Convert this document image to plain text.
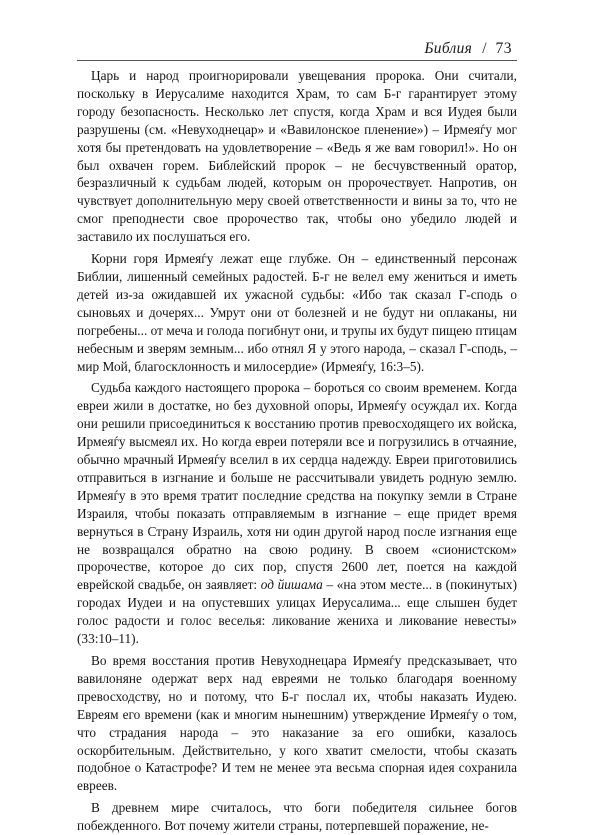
Библия / 73

Царь и народ проигнорировали увещевания пророка. Они считали, поскольку в Иерусалиме находится Храм, то сам Б-г гарантирует этому городу безопасность. Несколько лет спустя, когда Храм и вся Иудея были разрушены (см. «Невуходнецар» и «Вавилонское пленение») – Ирмеяѓу мог хотя бы претендовать на удовлетворение – «Ведь я же вам говорил!». Но он был охвачен горем. Библейский пророк – не бесчувственный оратор, безразличный к судьбам людей, которым он пророчествует. Напротив, он чувствует дополнительную меру своей ответственности и вины за то, что не смог преподнести свое пророчество так, чтобы оно убедило людей и заставило их послушаться его.

Корни горя Ирмеяѓу лежат еще глубже. Он – единственный персонаж Библии, лишенный семейных радостей. Б-г не велел ему жениться и иметь детей из-за ожидавшей их ужасной судьбы: «Ибо так сказал Г-сподь о сыновьях и дочерях... Умрут они от болезней и не будут ни оплаканы, ни погребены... от меча и голода погибнут они, и трупы их будут пищею птицам небесным и зверям земным... ибо отнял Я у этого народа, – сказал Г-сподь, – мир Мой, благосклонность и милосердие» (Ирмеяѓу, 16:3–5).

Судьба каждого настоящего пророка – бороться со своим временем. Когда евреи жили в достатке, но без духовной опоры, Ирмеяѓу осуждал их. Когда они решили присоединиться к восстанию против превосходящего их войска, Ирмеяѓу высмеял их. Но когда евреи потеряли все и погрузились в отчаяние, обычно мрачный Ирмеяѓу вселил в их сердца надежду. Евреи приготовились отправиться в изгнание и больше не рассчитывали увидеть родную землю. Ирмеяѓу в это время тратит последние средства на покупку земли в Стране Израиля, чтобы показать отправляемым в изгнание – еще придет время вернуться в Страну Израиль, хотя ни один другой народ после изгнания еще не возвращался обратно на свою родину. В своем «сионистском» пророчестве, которое до сих пор, спустя 2600 лет, поется на каждой еврейской свадьбе, он заявляет: од йишама – «на этом месте... в (покинутых) городах Иудеи и на опустевших улицах Иерусалима... еще слышен будет голос радости и голос веселья: ликование жениха и ликование невесты» (33:10–11).

Во время восстания против Невуходнецара Ирмеяѓу предсказывает, что вавилоняне одержат верх над евреями не только благодаря военному превосходству, но и потому, что Б-г послал их, чтобы наказать Иудею. Евреям его времени (как и многим нынешним) утверждение Ирмеяѓу о том, что страдания народа – это наказание за его ошибки, казалось оскорбительным. Действительно, у кого хватит смелости, чтобы сказать подобное о Катастрофе? И тем не менее эта весьма спорная идея сохранила евреев.

В древнем мире считалось, что боги победителя сильнее богов побежденного. Вот почему жители страны, потерпевшей поражение, не-
